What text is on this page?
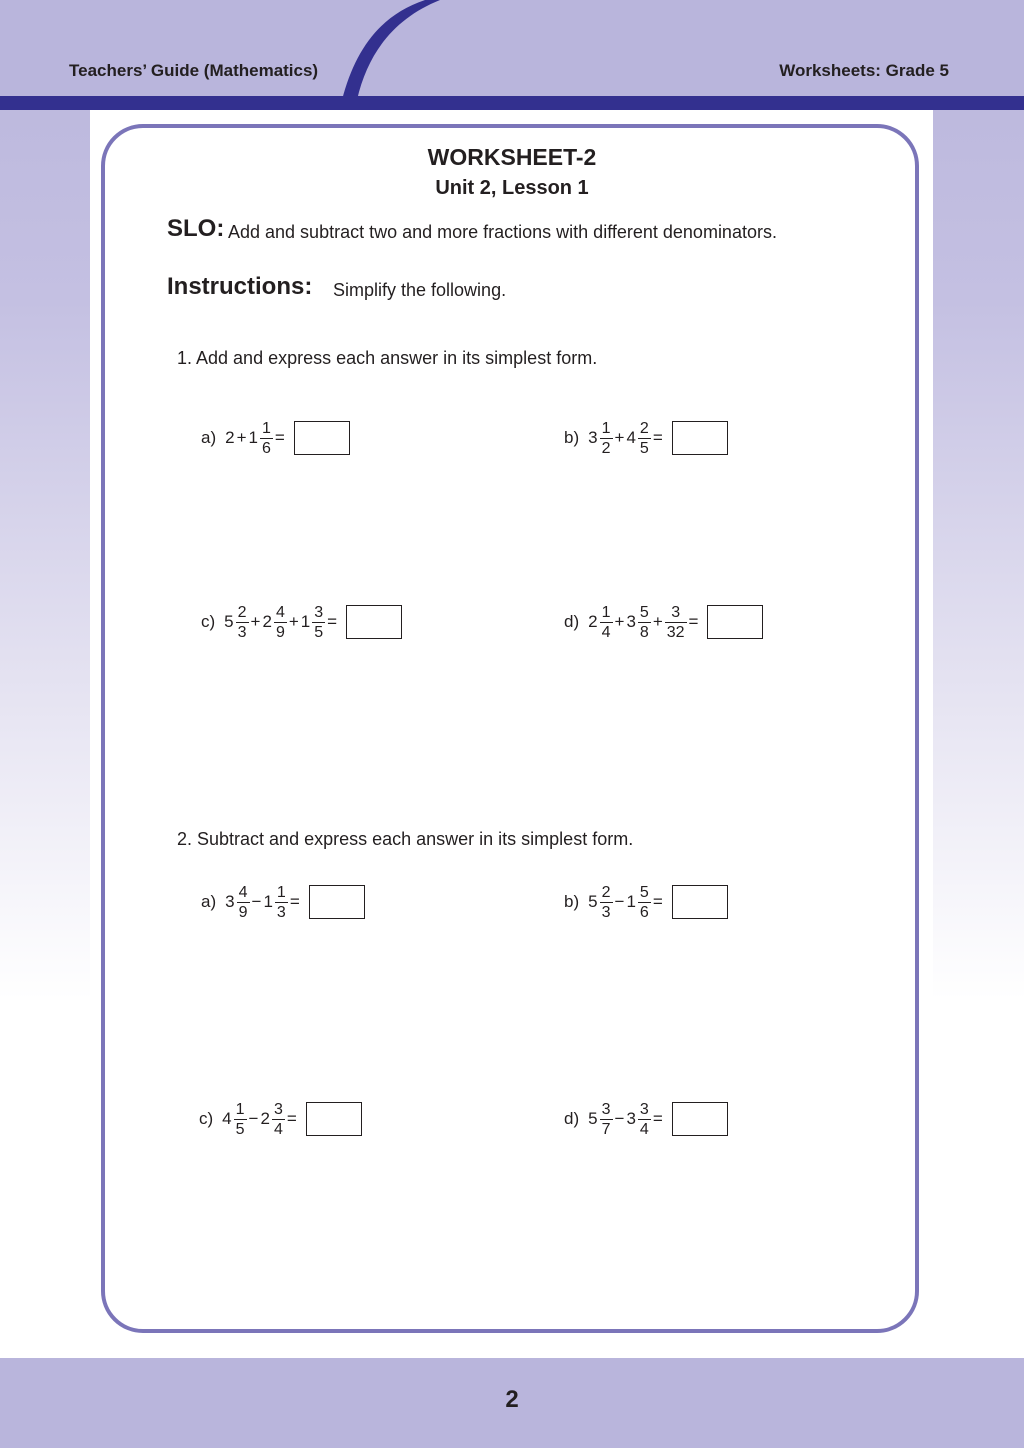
Teachers’ Guide (Mathematics)	Worksheets: Grade 5
WORKSHEET-2
Unit 2, Lesson 1
SLO: Add and subtract two and more fractions with different denominators.
Instructions: Simplify the following.
1. Add and express each answer in its simplest form.
2. Subtract and express each answer in its simplest form.
a) $2 + 1 \frac{1}{6}$ =	b) $3 \frac{1}{2} + 4 \frac{2}{5}$ =
c) $5 \frac{2}{3} + 2 \frac{4}{9} + 1 \frac{3}{5}$ =	d) $2 \frac{1}{4} + 3 \frac{5}{8} + \frac{3}{32}$ =
a) $3 \frac{4}{9} - 1 \frac{1}{3}$ =	b) $5 \frac{2}{3} - 1 \frac{5}{6}$ =
c) $4 \frac{1}{5} - 2 \frac{3}{4}$ =	d) $5 \frac{3}{7} - 3 \frac{3}{4}$ =
2
